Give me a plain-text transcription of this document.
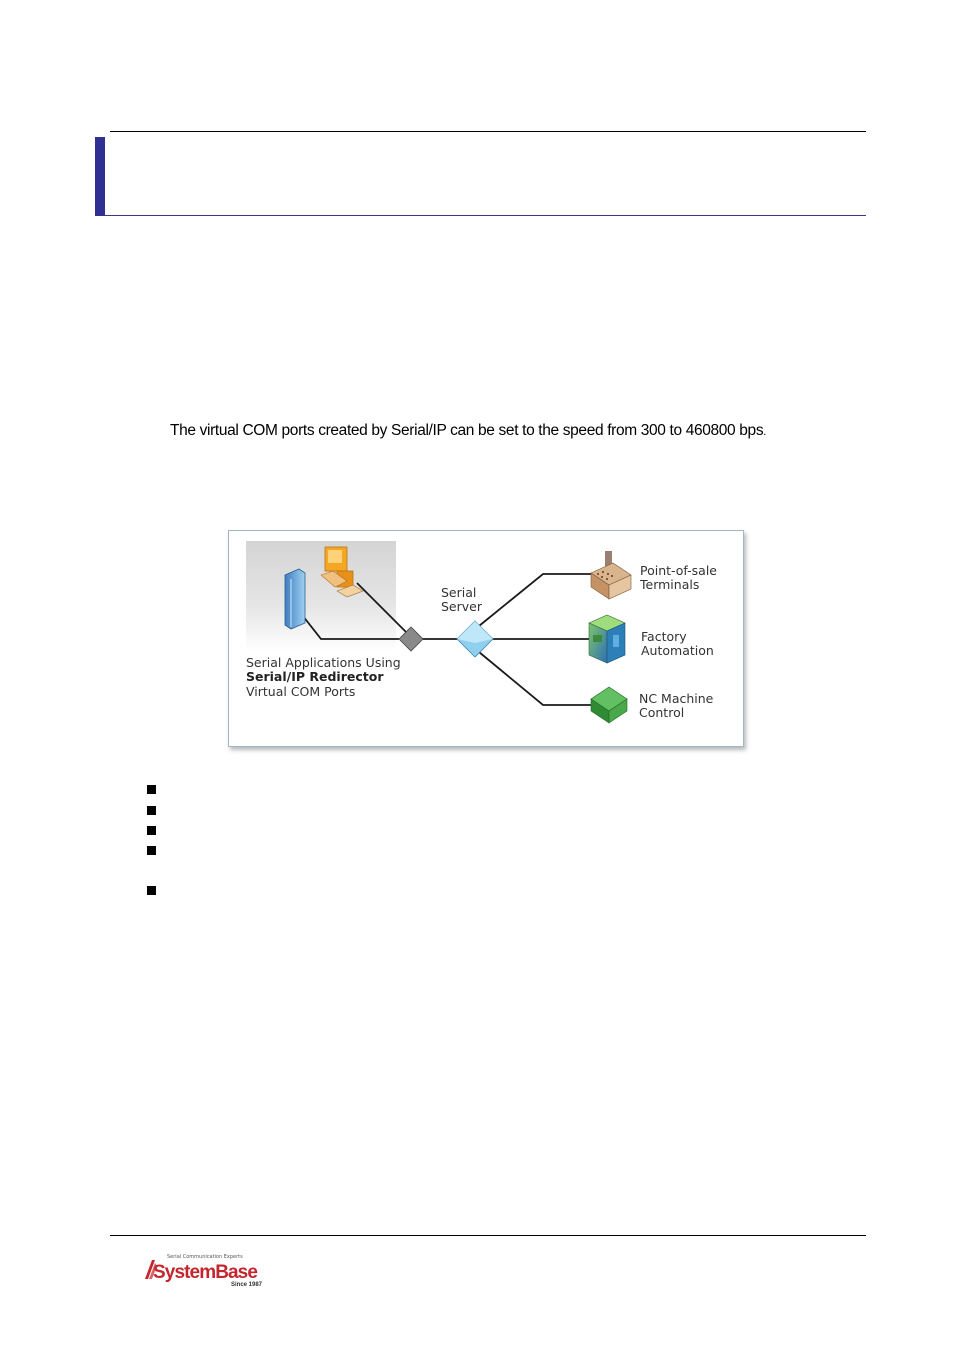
The virtual COM ports created by Serial/IP can be set to the speed from 300 to 460800 bps.
Serial Applications Using
Serial/IP Redirector
Virtual COM Ports
Serial
Server
Point-of-sale
Terminals
Factory
Automation
NC Machine
Control
Serial Communication Experts
SystemBase
Since 1987
